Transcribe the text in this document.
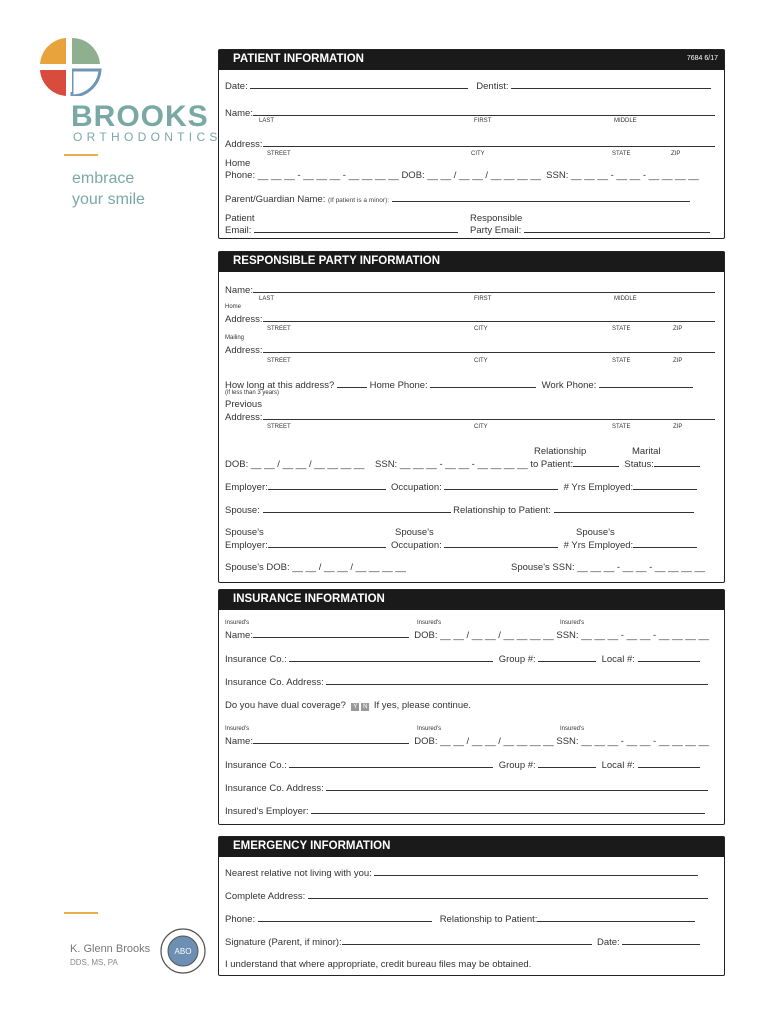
BROOKS
ORTHODONTICS
embrace
your smile
K. Glenn Brooks
DDS, MS, PA
ABO
PATIENT INFORMATION	7684 6/17
Date:	Dentist:
Name:
LAST	FIRST	MIDDLE
Address:
STREET	CITY	STATE	ZIP
Home
Phone: __ __ __ - __ __ __ - __ __ __ __ DOB: __ __ / __ __ / __ __ __ __ SSN: __ __ __ - __ __ - __ __ __ __
Parent/Guardian Name: (If patient is a minor):
Patient
Email:
Responsible
Party Email:
RESPONSIBLE PARTY INFORMATION
Name:
LAST	FIRST	MIDDLE
Home
Address:
STREET	CITY	STATE	ZIP
Mailing
Address:
STREET	CITY	STATE	ZIP
How long at this address?	Home Phone:	Work Phone:
(if less than 3 years)
Previous
Address:
STREET	CITY	STATE	ZIP
Relationship	Marital
DOB: __ __ / __ __ / __ __ __ __ SSN: __ __ __ - __ __ - __ __ __ __ to Patient:	Status:
Employer:	Occupation:	# Yrs Employed:
Spouse:	Relationship to Patient:
Spouse's	Spouse's	Spouse's
Employer:	Occupation:	# Yrs Employed:
Spouse's DOB: __ __ / __ __ / __ __ __ __	Spouse's SSN: __ __ __ - __ __ - __ __ __ __
INSURANCE INFORMATION
Insured's	Insured's	Insured's
Name:	DOB: __ __ / __ __ / __ __ __ __ SSN: __ __ __ - __ __ - __ __ __ __
Insurance Co.:	Group #:	Local #:
Insurance Co. Address:
Do you have dual coverage? Y N If yes, please continue.
Insured's	Insured's	Insured's
Name:	DOB: __ __ / __ __ / __ __ __ __ SSN: __ __ __ - __ __ - __ __ __ __
Insurance Co.:	Group #:	Local #:
Insurance Co. Address:
Insured's Employer:
EMERGENCY INFORMATION
Nearest relative not living with you:
Complete Address:
Phone:	Relationship to Patient:
Signature (Parent, if minor):	Date:
I understand that where appropriate, credit bureau files may be obtained.
